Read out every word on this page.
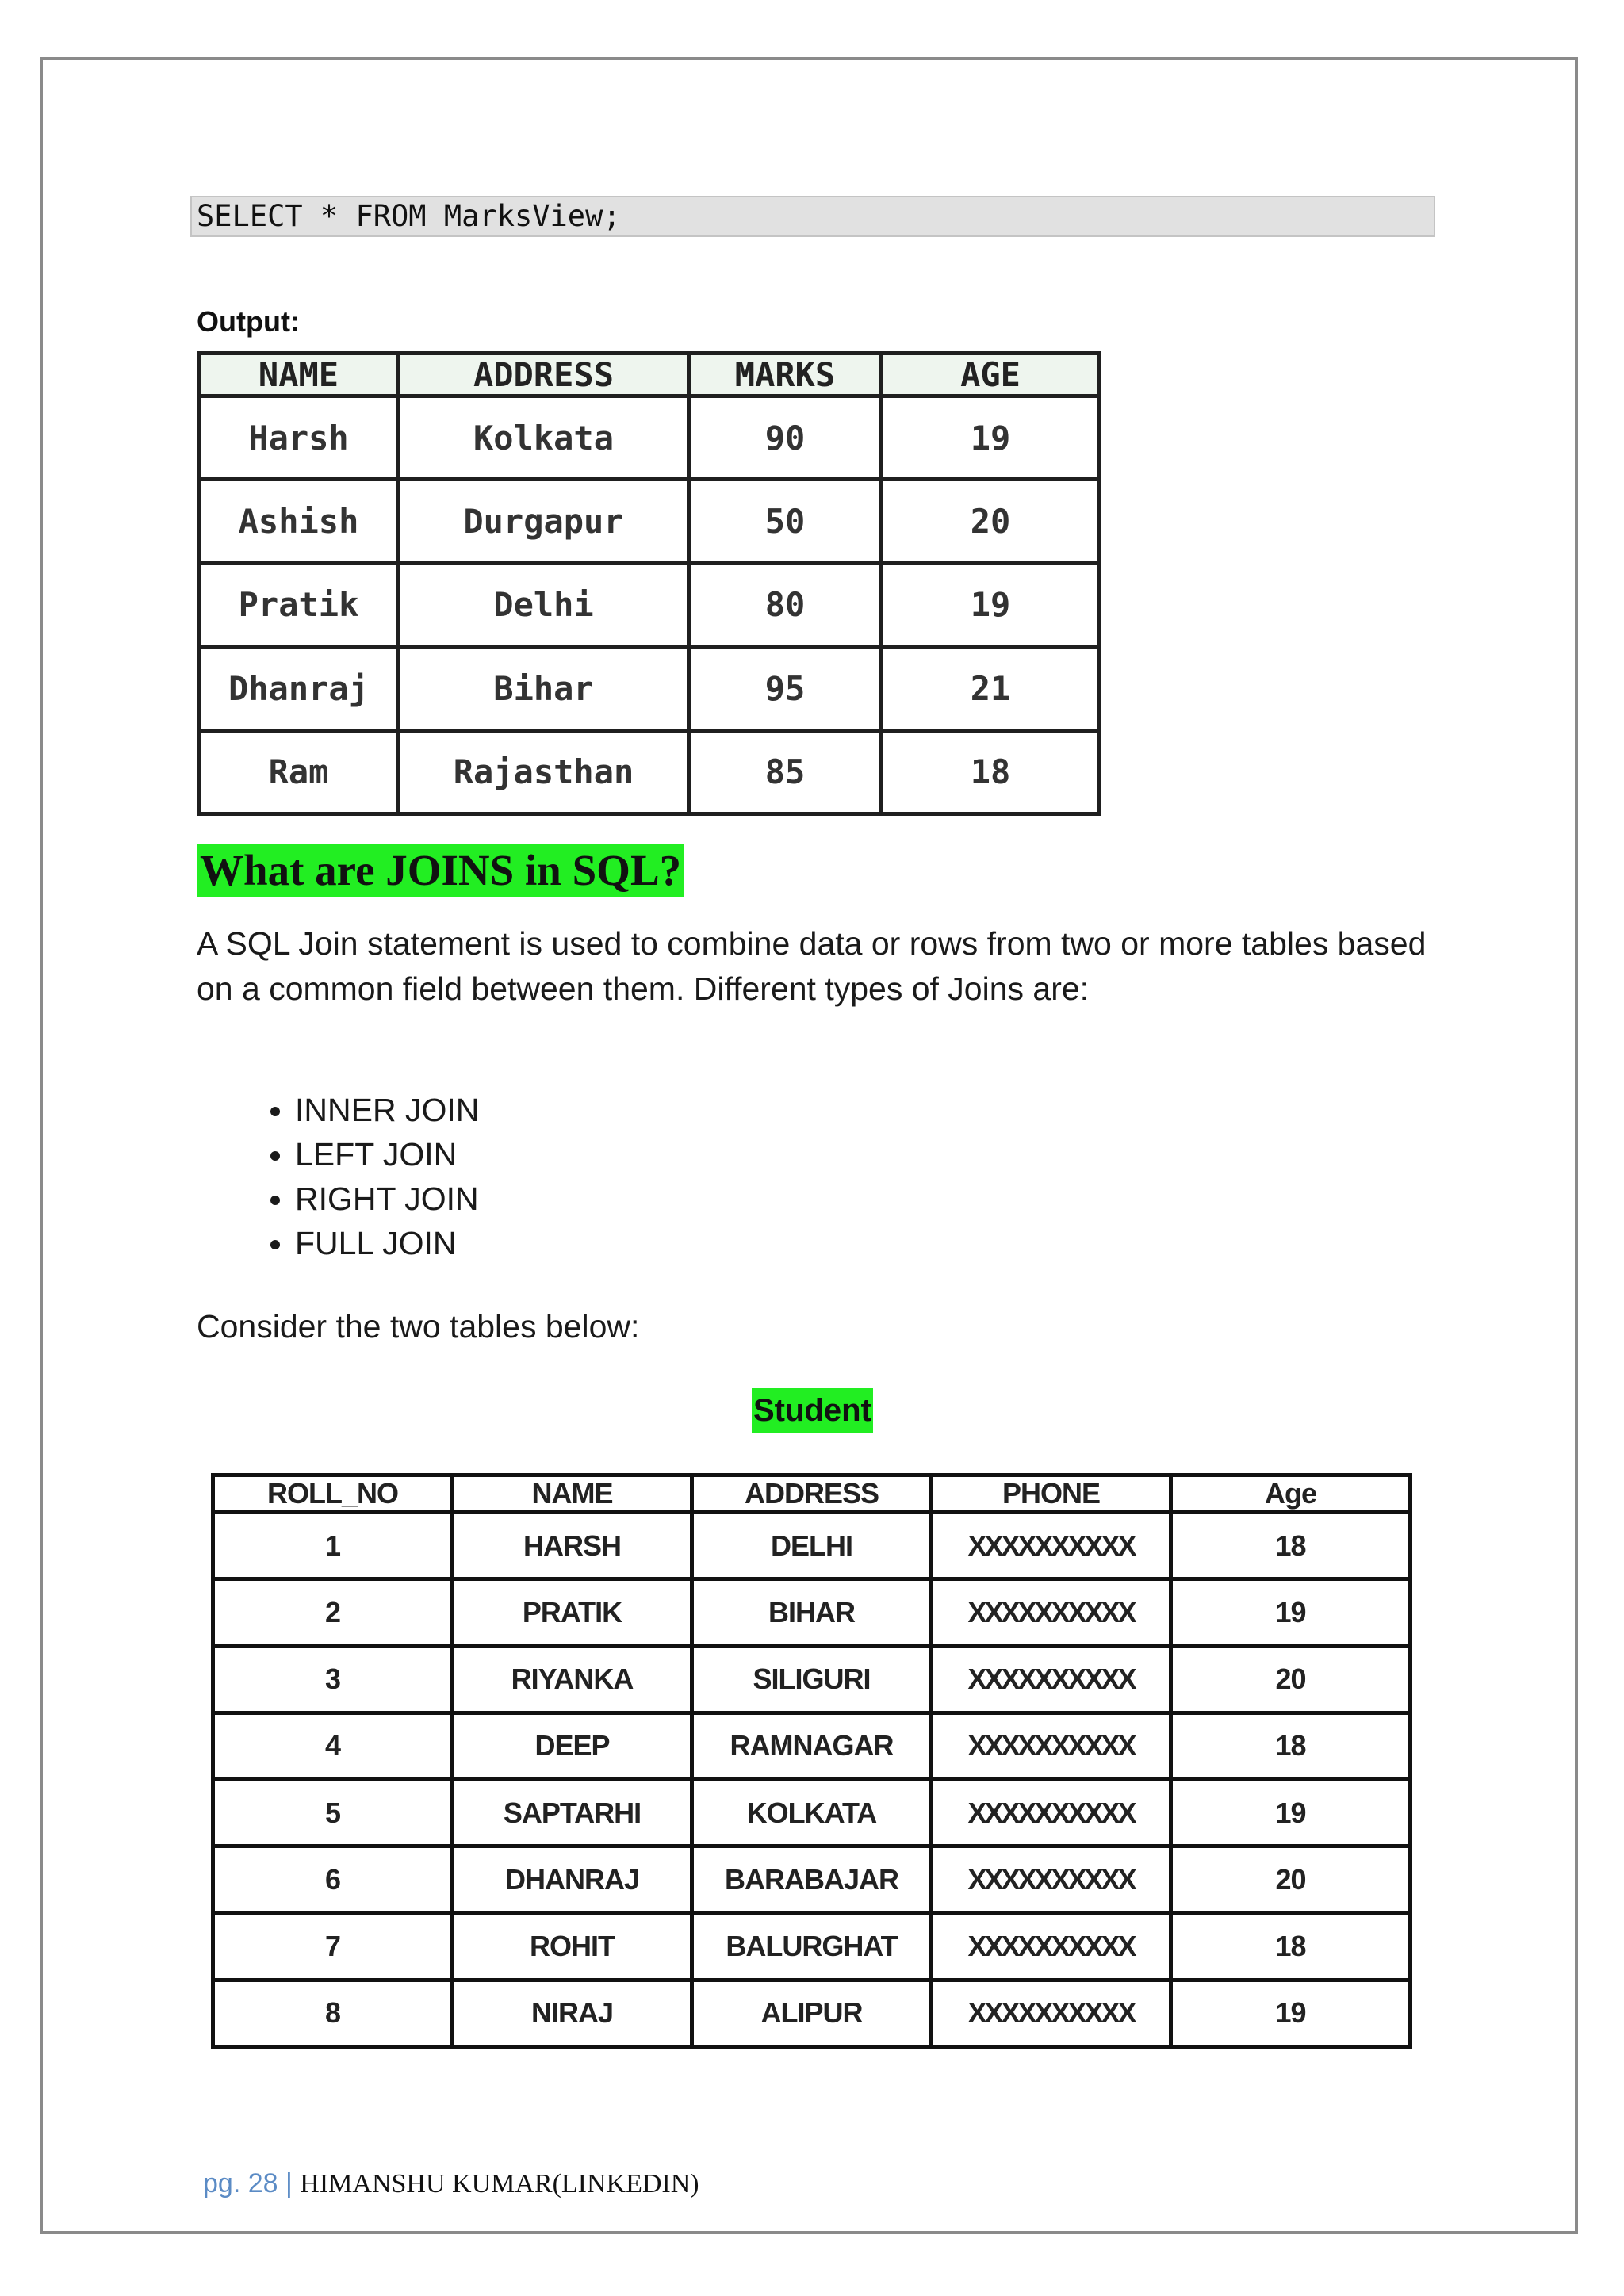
SELECT * FROM MarksView;
Output:
NAME	ADDRESS	MARKS	AGE
Harsh	Kolkata	90	19
Ashish	Durgapur	50	20
Pratik	Delhi	80	19
Dhanraj	Bihar	95	21
Ram	Rajasthan	85	18
What are JOINS in SQL?

A SQL Join statement is used to combine data or rows from two or more tables based on a common field between them. Different types of Joins are:

• INNER JOIN
• LEFT JOIN
• RIGHT JOIN
• FULL JOIN
Consider the two tables below:
Student
ROLL_NO	NAME	ADDRESS	PHONE	Age
1	HARSH	DELHI	XXXXXXXXXX	18
2	PRATIK	BIHAR	XXXXXXXXXX	19
3	RIYANKA	SILIGURI	XXXXXXXXXX	20
4	DEEP	RAMNAGAR	XXXXXXXXXX	18
5	SAPTARHI	KOLKATA	XXXXXXXXXX	19
6	DHANRAJ	BARABAJAR	XXXXXXXXXX	20
7	ROHIT	BALURGHAT	XXXXXXXXXX	18
8	NIRAJ	ALIPUR	XXXXXXXXXX	19
pg. 28 | HIMANSHU KUMAR(LINKEDIN)
